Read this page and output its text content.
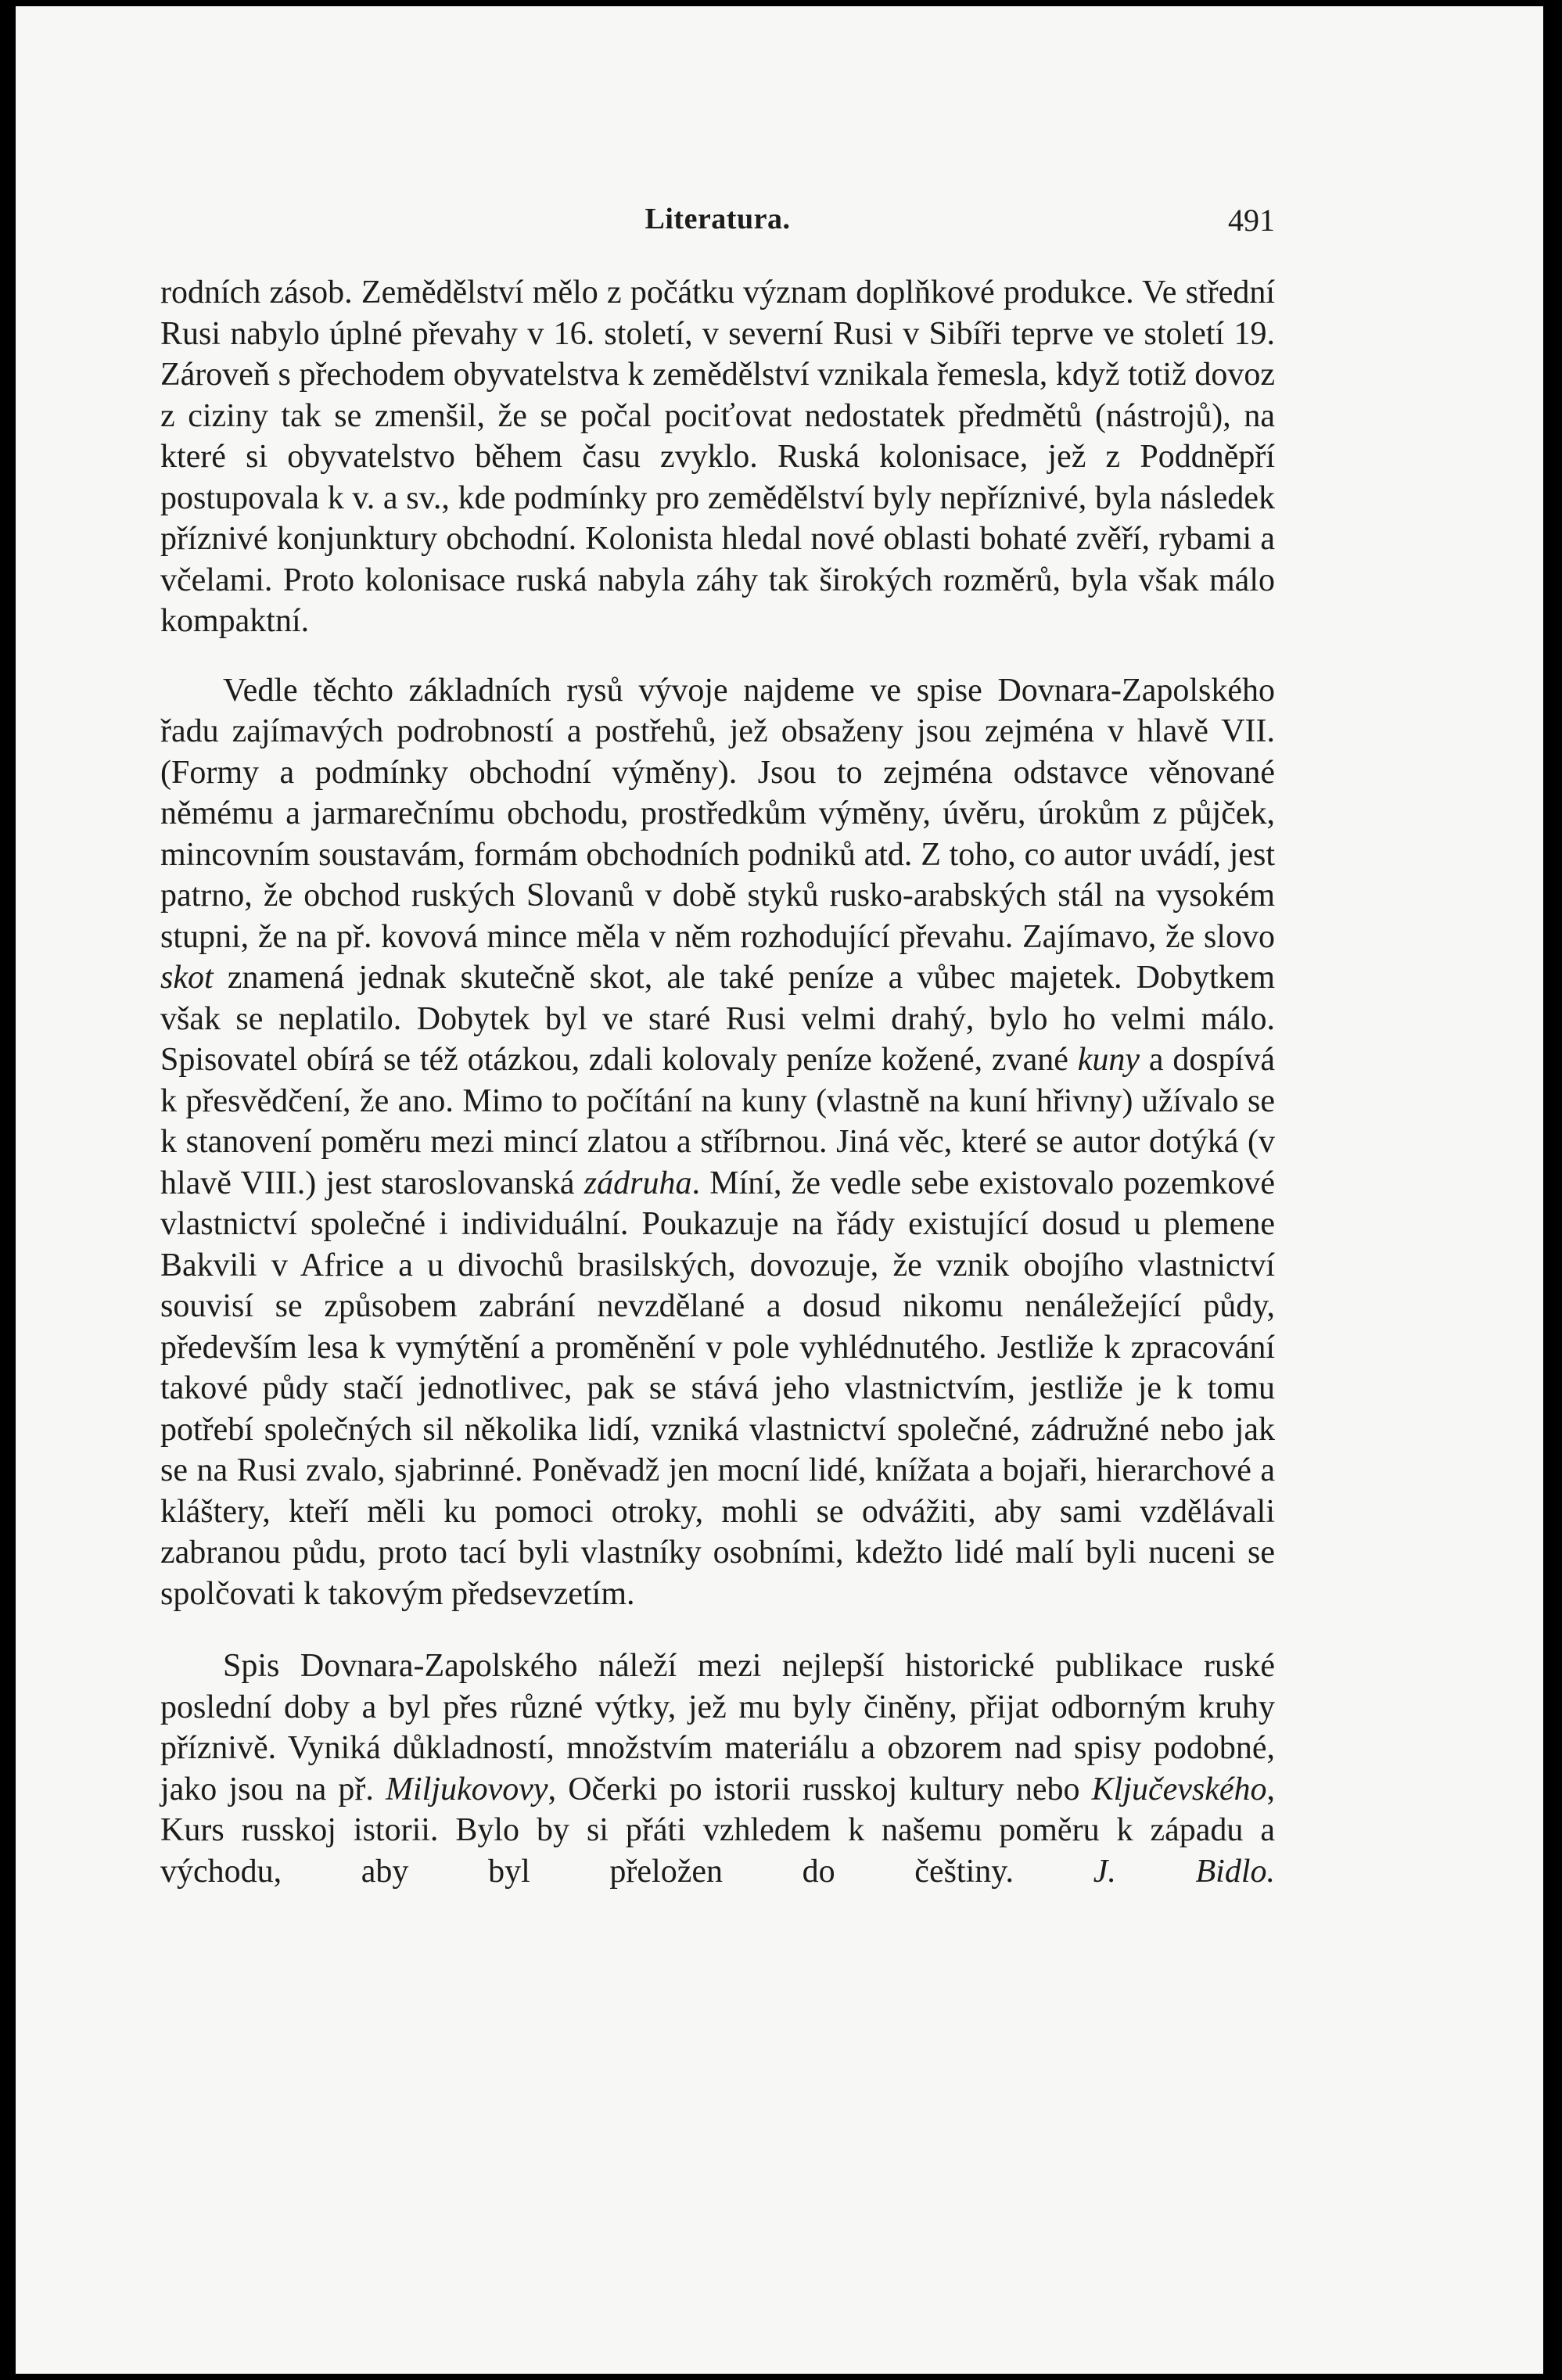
Literatura.	491

rodních zásob. Zemědělství mělo z počátku význam doplňkové produkce. Ve střední Rusi nabylo úplné převahy v 16. století, v severní Rusi v Sibíři teprve ve století 19. Zároveň s přechodem obyvatelstva k zemědělství vznikala řemesla, když totiž dovoz z ciziny tak se zmenšil, že se počal pociťovat nedostatek předmětů (nástrojů), na které si obyvatelstvo během času zvyklo. Ruská kolonisace, jež z Poddněpří postupovala k v. a sv., kde podmínky pro zemědělství byly nepříznivé, byla následek příznivé konjunktury obchodní. Kolonista hledal nové oblasti bohaté zvěří, rybami a včelami. Proto kolonisace ruská nabyla záhy tak širokých rozměrů, byla však málo kompaktní.

Vedle těchto základních rysů vývoje najdeme ve spise Dovnara-Zapolského řadu zajímavých podrobností a postřehů, jež obsaženy jsou zejména v hlavě VII. (Formy a podmínky obchodní výměny). Jsou to zejména odstavce věnované němému a jarmarečnímu obchodu, prostředkům výměny, úvěru, úrokům z půjček, mincovním soustavám, formám obchodních podniků atd. Z toho, co autor uvádí, jest patrno, že obchod ruských Slovanů v době styků rusko-arabských stál na vysokém stupni, že na př. kovová mince měla v něm rozhodující převahu. Zajímavo, že slovo skot znamená jednak skutečně skot, ale také peníze a vůbec majetek. Dobytkem však se neplatilo. Dobytek byl ve staré Rusi velmi drahý, bylo ho velmi málo. Spisovatel obírá se též otázkou, zdali kolovaly peníze kožené, zvané kuny a dospívá k přesvědčení, že ano. Mimo to počítání na kuny (vlastně na kuní hřivny) užívalo se k stanovení poměru mezi mincí zlatou a stříbrnou. Jiná věc, které se autor dotýká (v hlavě VIII.) jest staroslovanská zádruha. Míní, že vedle sebe existovalo pozemkové vlastnictví společné i individuální. Poukazuje na řády existující dosud u plemene Bakvili v Africe a u divochů brasilských, dovozuje, že vznik obojího vlastnictví souvisí se způsobem zabrání nevzdělané a dosud nikomu nenáležející půdy, především lesa k vymýtění a proměnění v pole vyhlédnutého. Jestliže k zpracování takové půdy stačí jednotlivec, pak se stává jeho vlastnictvím, jestliže je k tomu potřebí společných sil několika lidí, vzniká vlastnictví společné, zádružné nebo jak se na Rusi zvalo, sjabrinné. Poněvadž jen mocní lidé, knížata a bojaři, hierarchové a kláštery, kteří měli ku pomoci otroky, mohli se odvážiti, aby sami vzdělávali zabranou půdu, proto tací byli vlastníky osobními, kdežto lidé malí byli nuceni se spolčovati k takovým předsevzetím.

Spis Dovnara-Zapolského náleží mezi nejlepší historické publikace ruské poslední doby a byl přes různé výtky, jež mu byly činěny, přijat odborným kruhy příznivě. Vyniká důkladností, množstvím materiálu a obzorem nad spisy podobné, jako jsou na př. Miljukovovy, Očerki po istorii russkoj kultury nebo Ključevského, Kurs russkoj istorii. Bylo by si přáti vzhledem k našemu poměru k západu a východu, aby byl přeložen do češtiny. J. Bidlo.
